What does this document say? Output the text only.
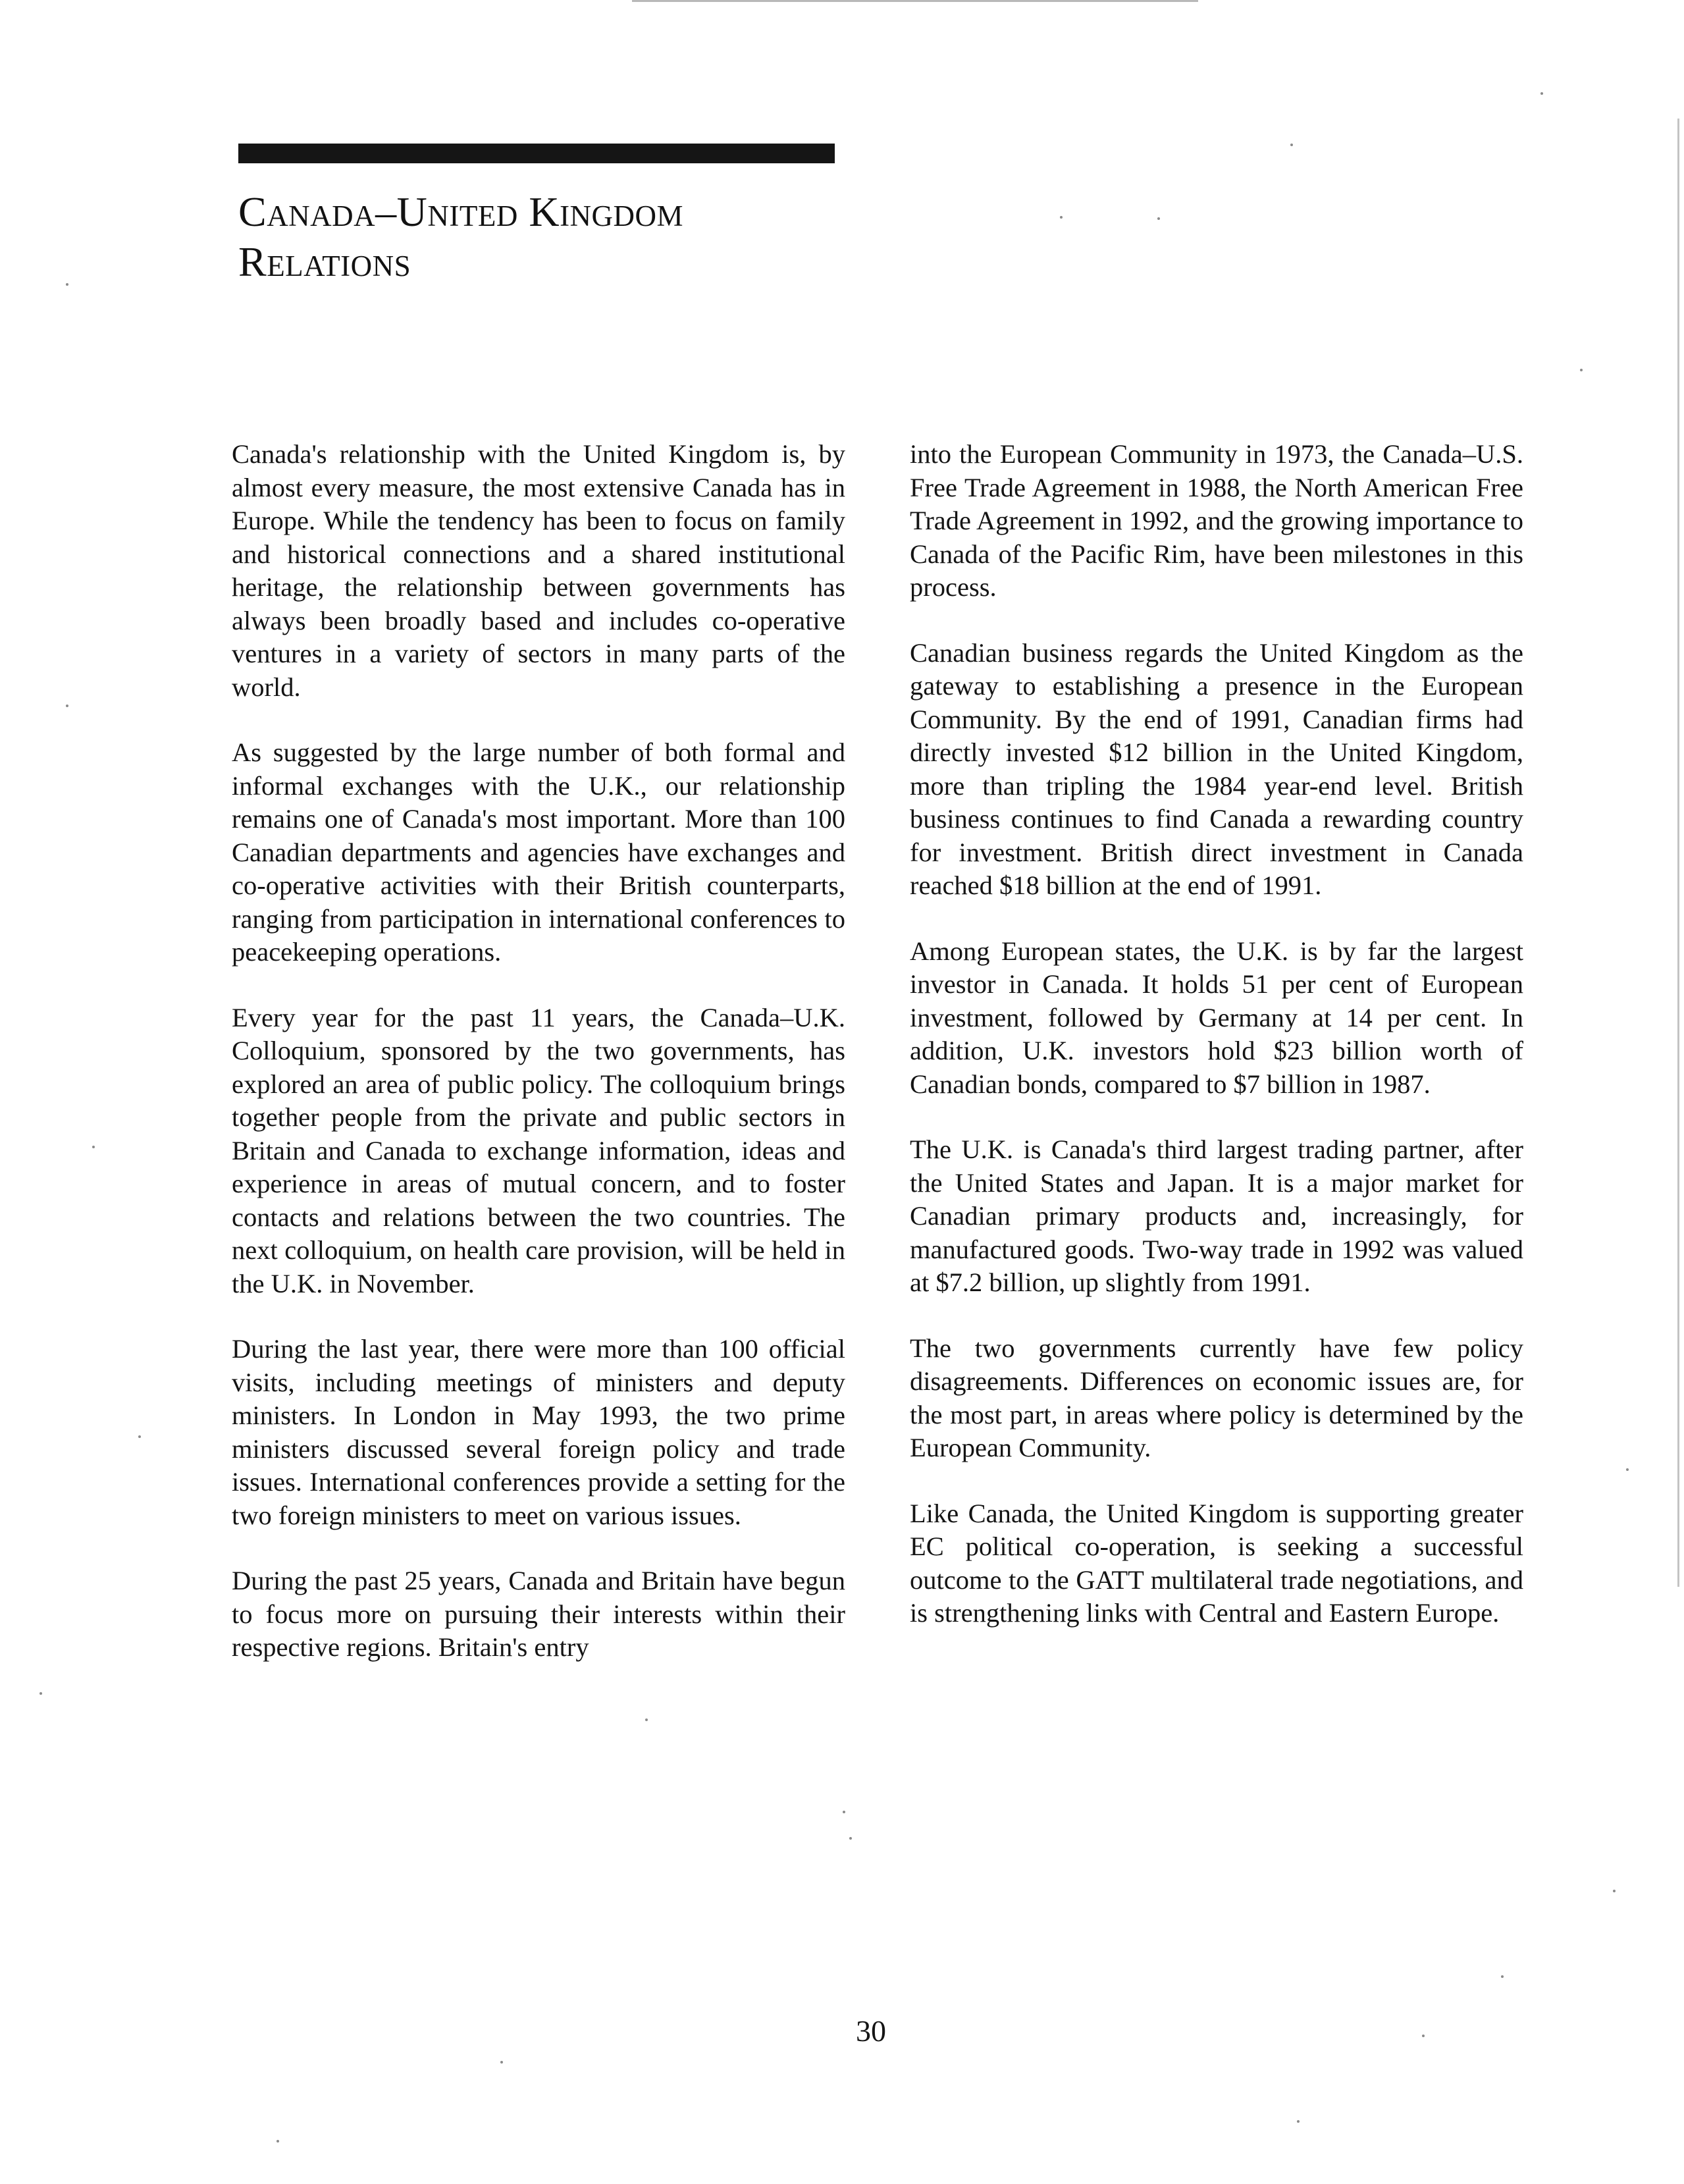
Canada–United Kingdom
Relations

Canada's relationship with the United Kingdom is, by almost every measure, the most extensive Canada has in Europe. While the tendency has been to focus on family and historical connections and a shared institutional heritage, the relationship between governments has always been broadly based and includes co-operative ventures in a variety of sectors in many parts of the world.

As suggested by the large number of both formal and informal exchanges with the U.K., our relationship remains one of Canada's most important. More than 100 Canadian departments and agencies have exchanges and co-operative activities with their British counterparts, ranging from participation in international conferences to peacekeeping operations.

Every year for the past 11 years, the Canada–U.K. Colloquium, sponsored by the two governments, has explored an area of public policy. The colloquium brings together people from the private and public sectors in Britain and Canada to exchange information, ideas and experience in areas of mutual concern, and to foster contacts and relations between the two countries. The next colloquium, on health care provision, will be held in the U.K. in November.

During the last year, there were more than 100 official visits, including meetings of ministers and deputy ministers. In London in May 1993, the two prime ministers discussed several foreign policy and trade issues. International conferences provide a setting for the two foreign ministers to meet on various issues.

During the past 25 years, Canada and Britain have begun to focus more on pursuing their interests within their respective regions. Britain's entry

into the European Community in 1973, the Canada–U.S. Free Trade Agreement in 1988, the North American Free Trade Agreement in 1992, and the growing importance to Canada of the Pacific Rim, have been milestones in this process.

Canadian business regards the United Kingdom as the gateway to establishing a presence in the European Community. By the end of 1991, Canadian firms had directly invested $12 billion in the United Kingdom, more than tripling the 1984 year-end level. British business continues to find Canada a rewarding country for investment. British direct investment in Canada reached $18 billion at the end of 1991.

Among European states, the U.K. is by far the largest investor in Canada. It holds 51 per cent of European investment, followed by Germany at 14 per cent. In addition, U.K. investors hold $23 billion worth of Canadian bonds, compared to $7 billion in 1987.

The U.K. is Canada's third largest trading partner, after the United States and Japan. It is a major market for Canadian primary products and, increasingly, for manufactured goods. Two-way trade in 1992 was valued at $7.2 billion, up slightly from 1991.

The two governments currently have few policy disagreements. Differences on economic issues are, for the most part, in areas where policy is determined by the European Community.

Like Canada, the United Kingdom is supporting greater EC political co-operation, is seeking a successful outcome to the GATT multilateral trade negotiations, and is strengthening links with Central and Eastern Europe.

30
